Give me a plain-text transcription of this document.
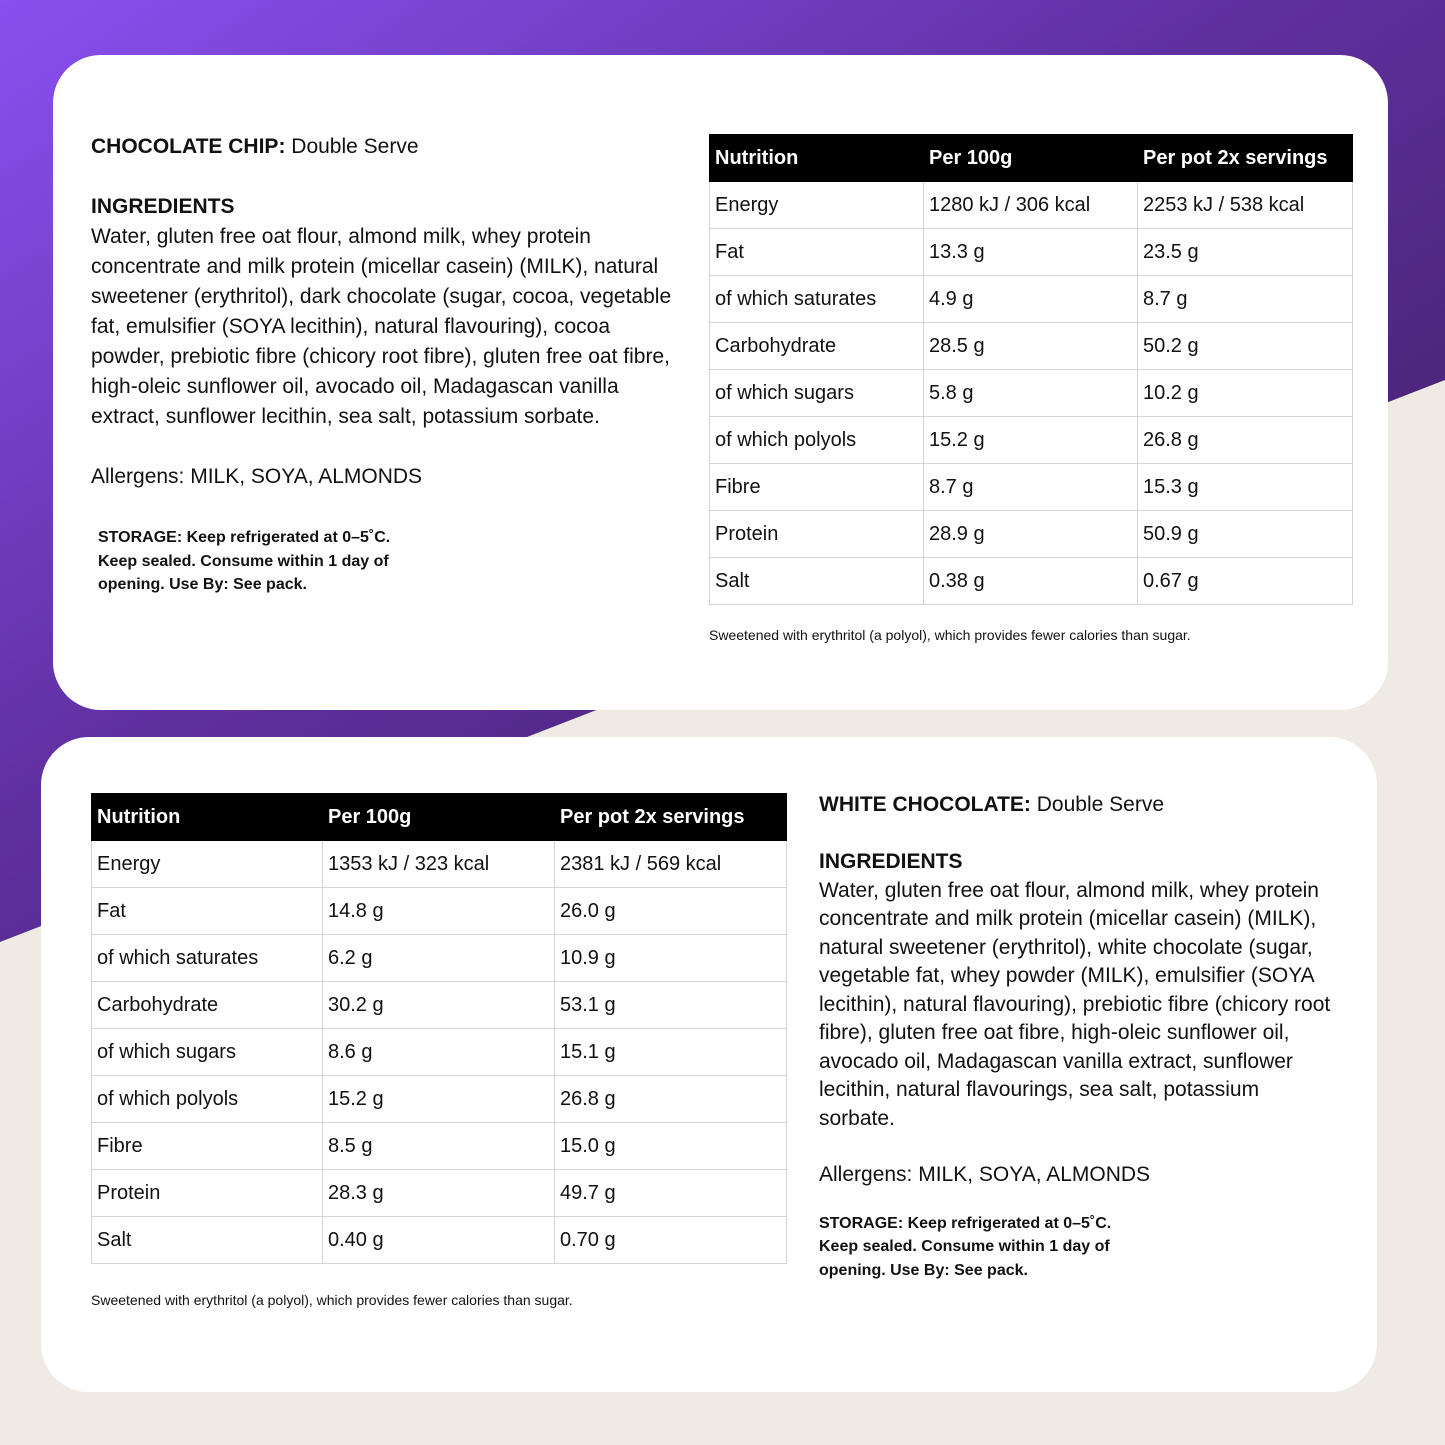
CHOCOLATE CHIP: Double Serve

INGREDIENTS

Water, gluten free oat flour, almond milk, whey protein concentrate and milk protein (micellar casein) (MILK), natural sweetener (erythritol), dark chocolate (sugar, cocoa, vegetable fat, emulsifier (SOYA lecithin), natural flavouring), cocoa powder, prebiotic fibre (chicory root fibre), gluten free oat fibre, high-oleic sunflower oil, avocado oil, Madagascan vanilla extract, sunflower lecithin, sea salt, potassium sorbate.

Allergens: MILK, SOYA, ALMONDS

STORAGE: Keep refrigerated at 0–5˚C.

Keep sealed. Consume within 1 day of

opening. Use By: See pack.

Nutrition	Per 100g	Per pot 2x servings
Energy	1280 kJ / 306 kcal	2253 kJ / 538 kcal
Fat	13.3 g	23.5 g
of which saturates	4.9 g	8.7 g
Carbohydrate	28.5 g	50.2 g
of which sugars	5.8 g	10.2 g
of which polyols	15.2 g	26.8 g
Fibre	8.7 g	15.3 g
Protein	28.9 g	50.9 g
Salt	0.38 g	0.67 g

Sweetened with erythritol (a polyol), which provides fewer calories than sugar.

Nutrition	Per 100g	Per pot 2x servings
Energy	1353 kJ / 323 kcal	2381 kJ / 569 kcal
Fat	14.8 g	26.0 g
of which saturates	6.2 g	10.9 g
Carbohydrate	30.2 g	53.1 g
of which sugars	8.6 g	15.1 g
of which polyols	15.2 g	26.8 g
Fibre	8.5 g	15.0 g
Protein	28.3 g	49.7 g
Salt	0.40 g	0.70 g

Sweetened with erythritol (a polyol), which provides fewer calories than sugar.

WHITE CHOCOLATE: Double Serve

INGREDIENTS

Water, gluten free oat flour, almond milk, whey protein concentrate and milk protein (micellar casein) (MILK), natural sweetener (erythritol), white chocolate (sugar, vegetable fat, whey powder (MILK), emulsifier (SOYA lecithin), natural flavouring), prebiotic fibre (chicory root fibre), gluten free oat fibre, high-oleic sunflower oil, avocado oil, Madagascan vanilla extract, sunflower lecithin, natural flavourings, sea salt, potassium sorbate.

Allergens: MILK, SOYA, ALMONDS

STORAGE: Keep refrigerated at 0–5˚C.

Keep sealed. Consume within 1 day of

opening. Use By: See pack.
